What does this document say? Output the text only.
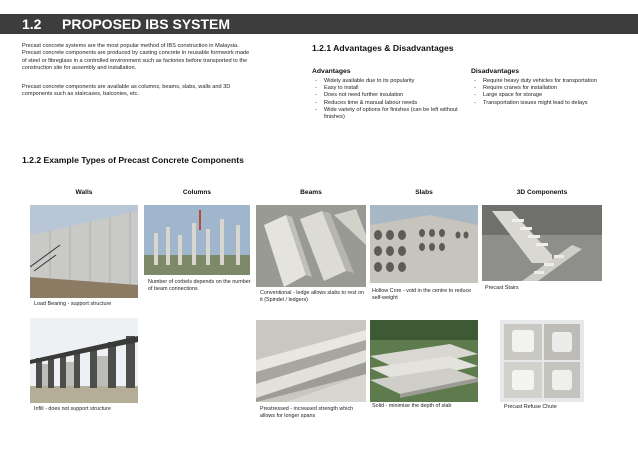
1.2 PROPOSED IBS SYSTEM
Precast concrete systems are the most popular method of IBS construction in Malaysia.
Precast concrete components are produced by casting concrete in reusable formwork made
of steel or fibreglass in a controlled environment such as factories before transported to the
construction site for assembly and installation.
Precast concrete components are available as columns, beams, slabs, walls and 3D
components such as staircases, balconies, etc.
1.2.1 Advantages & Disadvantages
Advantages
- Widely available due to its popularity
- Easy to install
- Does not need further insulation
- Reduces time & manual labour needs
- Wide variety of options for finishes (can be left without finishes)
Disadvantages
- Require heavy duty vehicles for transportation
- Require cranes for installation
- Large space for storage
- Transportation issues might lead to delays
1.2.2 Example Types of Precast Concrete Components
Walls	Columns	Beams	Slabs	3D Components
Number of corbels depends on the number of beam connections
Conventional - ledge allows slabs to rest on it (Spindel / ledgers)
Hollow Core - void in the centre to reduce self-weight
Precast Stairs
Load Bearing - support structure
Infill - does not support structure	Prestressed - increased strength which allows for longer spans
Solid - minimise the depth of slab	Precast Refuse Chute
